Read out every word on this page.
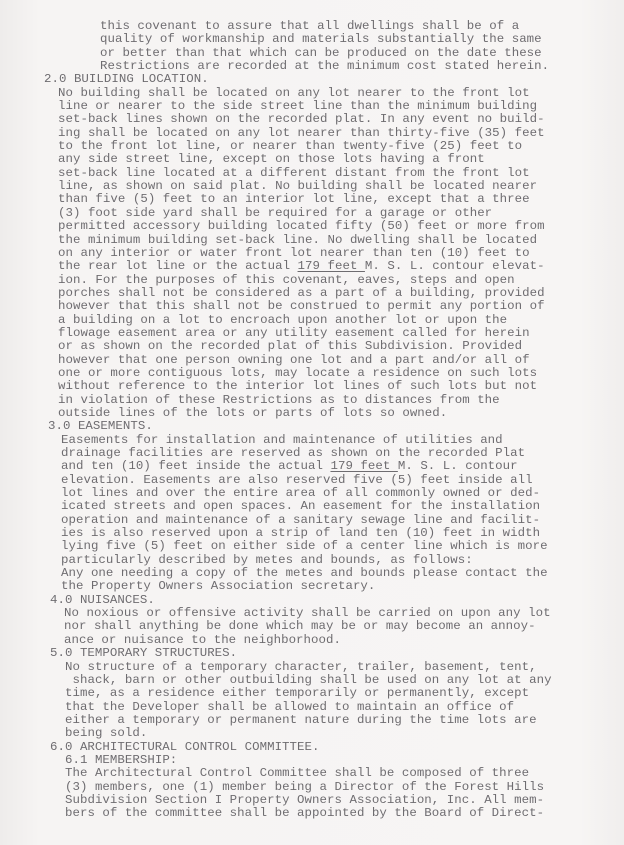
this covenant to assure that all dwellings shall be of a
quality of workmanship and materials substantially the same
or better than that which can be produced on the date these
Restrictions are recorded at the minimum cost stated herein.
2.0 BUILDING LOCATION.
No building shall be located on any lot nearer to the front lot
line or nearer to the side street line than the minimum building
set-back lines shown on the recorded plat. In any event no build-
ing shall be located on any lot nearer than thirty-five (35) feet
to the front lot line, or nearer than twenty-five (25) feet to
any side street line, except on those lots having a front
set-back line located at a different distant from the front lot
line, as shown on said plat. No building shall be located nearer
than five (5) feet to an interior lot line, except that a three
(3) foot side yard shall be required for a garage or other
permitted accessory building located fifty (50) feet or more from
the minimum building set-back line. No dwelling shall be located
on any interior or water front lot nearer than ten (10) feet to
the rear lot line or the actual 179 feet M. S. L. contour elevat-
ion. For the purposes of this covenant, eaves, steps and open
porches shall not be considered as a part of a building, provided
however that this shall not be construed to permit any portion of
a building on a lot to encroach upon another lot or upon the
flowage easement area or any utility easement called for herein
or as shown on the recorded plat of this Subdivision. Provided
however that one person owning one lot and a part and/or all of
one or more contiguous lots, may locate a residence on such lots
without reference to the interior lot lines of such lots but not
in violation of these Restrictions as to distances from the
outside lines of the lots or parts of lots so owned.
3.0 EASEMENTS.
Easements for installation and maintenance of utilities and
drainage facilities are reserved as shown on the recorded Plat
and ten (10) feet inside the actual 179 feet M. S. L. contour
elevation. Easements are also reserved five (5) feet inside all
lot lines and over the entire area of all commonly owned or ded-
icated streets and open spaces. An easement for the installation
operation and maintenance of a sanitary sewage line and facilit-
ies is also reserved upon a strip of land ten (10) feet in width
lying five (5) feet on either side of a center line which is more
particularly described by metes and bounds, as follows:
Any one needing a copy of the metes and bounds please contact the
the Property Owners Association secretary.
4.0 NUISANCES.
No noxious or offensive activity shall be carried on upon any lot
nor shall anything be done which may be or may become an annoy-
ance or nuisance to the neighborhood.
5.0 TEMPORARY STRUCTURES.
No structure of a temporary character, trailer, basement, tent,
shack, barn or other outbuilding shall be used on any lot at any
time, as a residence either temporarily or permanently, except
that the Developer shall be allowed to maintain an office of
either a temporary or permanent nature during the time lots are
being sold.
6.0 ARCHITECTURAL CONTROL COMMITTEE.
6.1 MEMBERSHIP:
The Architectural Control Committee shall be composed of three
(3) members, one (1) member being a Director of the Forest Hills
Subdivision Section I Property Owners Association, Inc. All mem-
bers of the committee shall be appointed by the Board of Direct-
